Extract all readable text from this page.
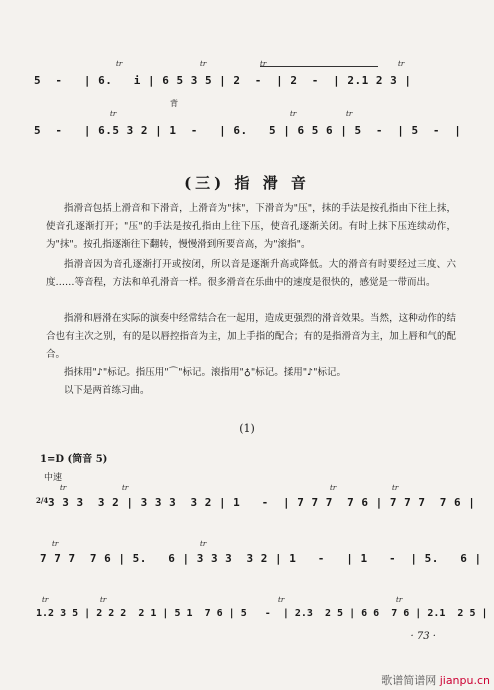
5  -   | 6.   i | 6 5 3 5 | 2  -  | 2  -  | 2.1 2 3 |
tr	tr	tr	tr
背
5  -   | 6.5 3 2 | 1  -   | 6.   5 | 6 5 6 | 5  -  | 5  -  |
tr	tr	tr
(三) 指 滑 音
指滑音包括上滑音和下滑音，上滑音为"抹"，下滑音为"压"，抹的手法是按孔指由下往上抹，使音孔逐渐打开；"压"的手法是按孔指由上往下压，使音孔逐渐关闭。有时上抹下压连续动作，为"抹"。按孔指逐渐往下翻转，慢慢滑到所要音高，为"滚指"。
指滑音因为音孔逐渐打开或按闭，所以音是逐渐升高或降低。大的滑音有时要经过三度、六度……等音程，方法和单孔滑音一样。很多滑音在乐曲中的速度是很快的，感觉是一带而出。
指滑和唇滑在实际的演奏中经常结合在一起用，造成更强烈的滑音效果。当然，这种动作的结合也有主次之别，有的是以唇控指音为主，加上手指的配合；有的是指滑音为主，加上唇和气的配合。
指抹用"♪"标记。指压用"⌒"标记。滚指用"♁"标记。揉用"♪"标记。
以下是两首练习曲。
(1)
1=D (筒音 5)
中速
2/4 3 3 3  3 2 | 3 3 3  3 2 | 1   -  | 7 7 7  7 6 | 7 7 7  7 6 |
7 7 7  7 6 | 5.   6 | 3 3 3  3 2 | 1   -   | 1   -  | 5.   6 |
1.2 3 5 | 2 2 2  2 1 | 5 1  7 6 | 5   -  | 2.3  2 5 | 6 6  7 6 | 2.1  2 5 |
tr	tr	tr	tr
tr	tr
tr	tr	tr	tr
· 73 ·
歌谱简谱网 jianpu.cn
